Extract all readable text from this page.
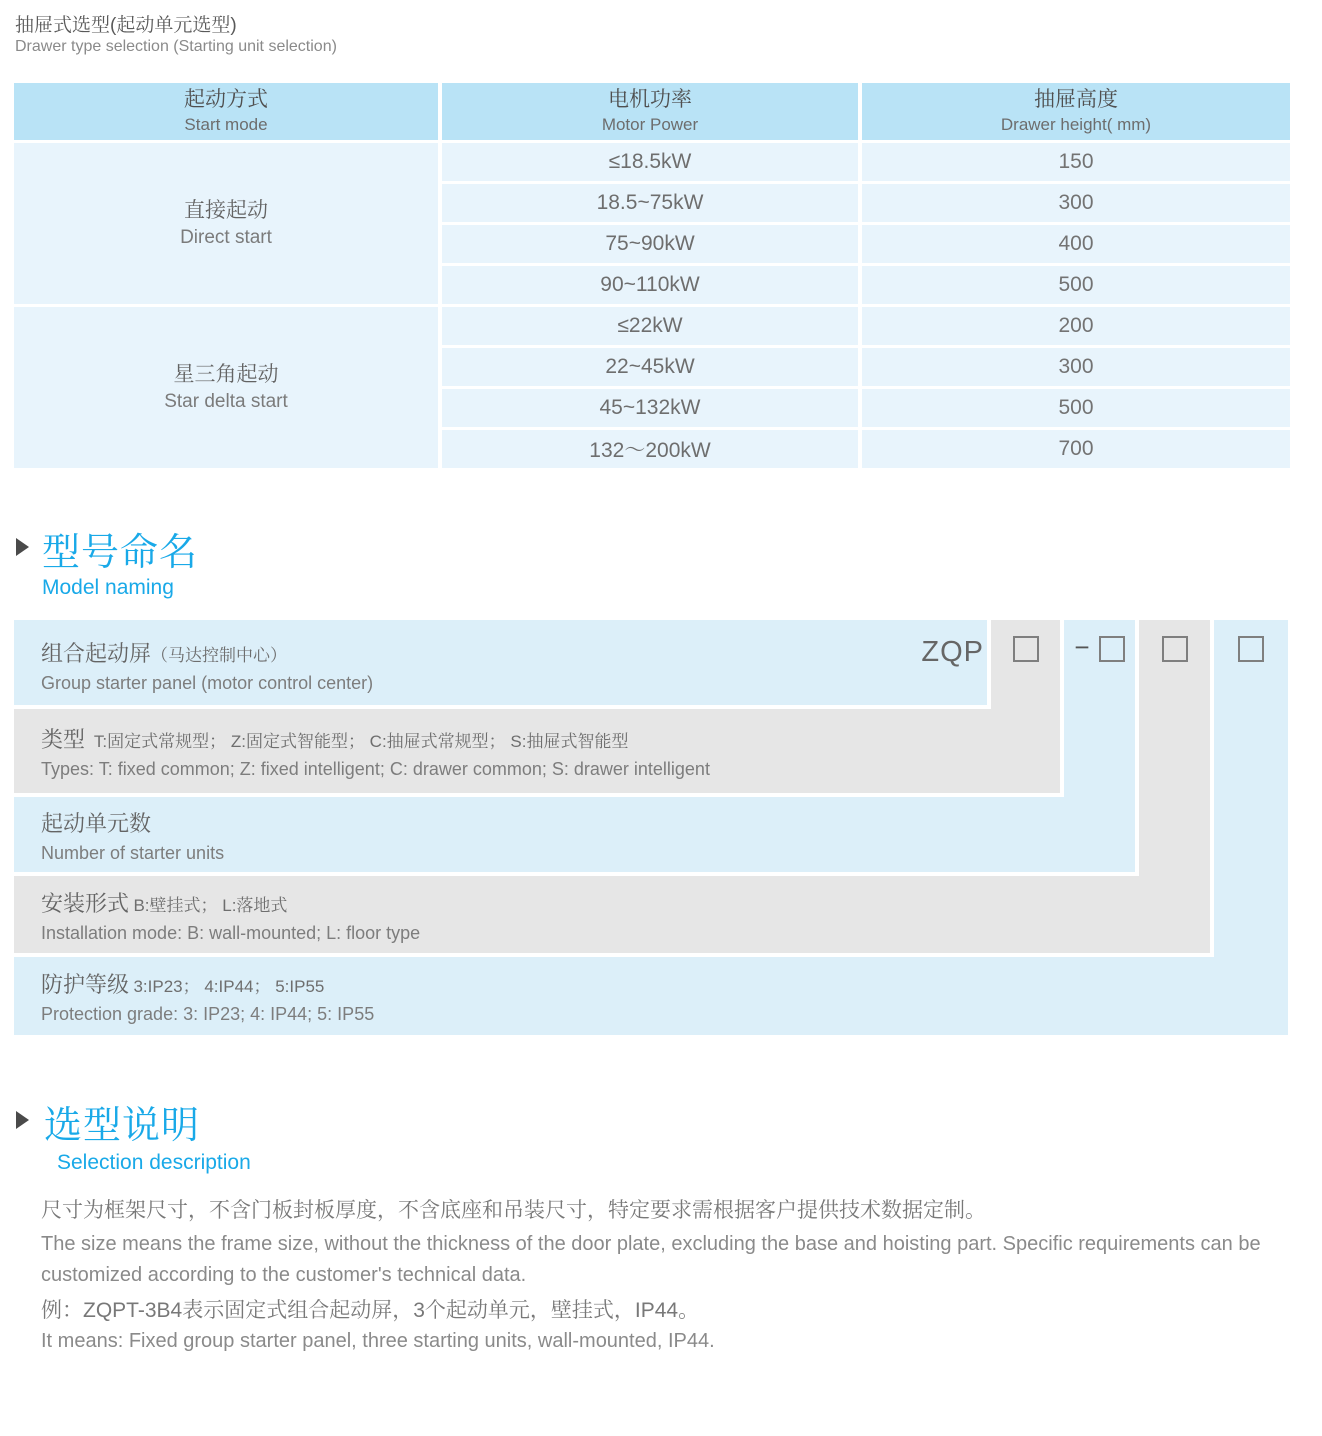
抽屉式选型(起动单元选型)
Drawer type selection (Starting unit selection)
起动方式
Start mode
电机功率
Motor Power
抽屉高度
Drawer height( mm)
直接起动
Direct start
星三角起动
Star delta start
≤18.5kW
18.5~75kW
75~90kW
90~110kW
≤22kW
22~45kW
45~132kW
132～200kW
150
300
400
500
200
300
500
700
型号命名
Model naming
组合起动屏（马达控制中心）
Group starter panel (motor control center)
类型 T:固定式常规型； Z:固定式智能型； C:抽屉式常规型； S:抽屉式智能型
Types: T: fixed common; Z: fixed intelligent; C: drawer common; S: drawer intelligent
起动单元数
Number of starter units
安装形式 B:壁挂式； L:落地式
Installation mode: B: wall-mounted; L: floor type
防护等级 3:IP23； 4:IP44； 5:IP55
Protection grade: 3: IP23; 4: IP44; 5: IP55
ZQP	−
选型说明
Selection description
尺寸为框架尺寸，不含门板封板厚度，不含底座和吊装尺寸，特定要求需根据客户提供技术数据定制。
The size means the frame size, without the thickness of the door plate, excluding the base and hoisting part. Specific requirements can be customized according to the customer's technical data.
例：ZQPT-3B4表示固定式组合起动屏，3个起动单元，壁挂式，IP44。
It means: Fixed group starter panel, three starting units, wall-mounted, IP44.
